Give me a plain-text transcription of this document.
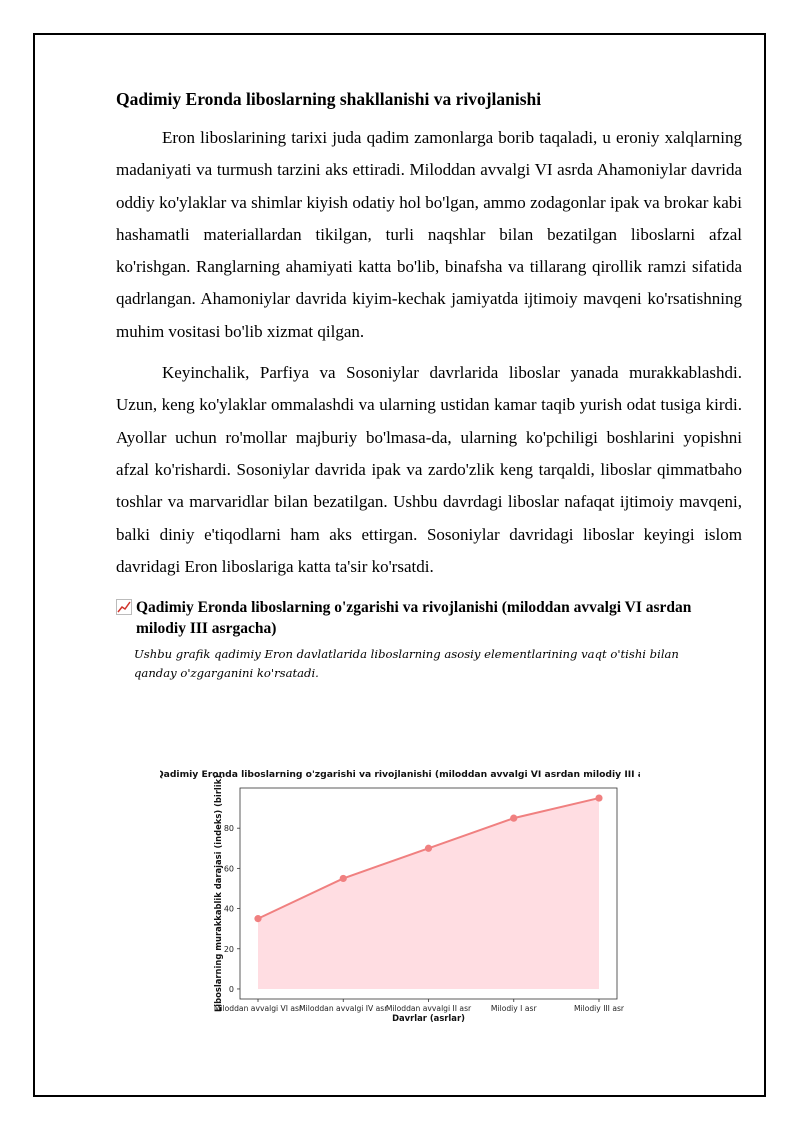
Qadimiy Eronda liboslarning shakllanishi va rivojlanishi

Eron liboslarining tarixi juda qadim zamonlarga borib taqaladi, u eroniy xalqlarning madaniyati va turmush tarzini aks ettiradi. Miloddan avvalgi VI asrda Ahamoniylar davrida oddiy ko'ylaklar va shimlar kiyish odatiy hol bo'lgan, ammo zodagonlar ipak va brokar kabi hashamatli materiallardan tikilgan, turli naqshlar bilan bezatilgan liboslarni afzal ko'rishgan. Ranglarning ahamiyati katta bo'lib, binafsha va tillarang qirollik ramzi sifatida qadrlangan. Ahamoniylar davrida kiyim-kechak jamiyatda ijtimoiy mavqeni ko'rsatishning muhim vositasi bo'lib xizmat qilgan.

Keyinchalik, Parfiya va Sosoniylar davrlarida liboslar yanada murakkablashdi. Uzun, keng ko'ylaklar ommalashdi va ularning ustidan kamar taqib yurish odat tusiga kirdi. Ayollar uchun ro'mollar majburiy bo'lmasa-da, ularning ko'pchiligi boshlarini yopishni afzal ko'rishardi. Sosoniylar davrida ipak va zardo'zlik keng tarqaldi, liboslar qimmatbaho toshlar va marvaridlar bilan bezatilgan. Ushbu davrdagi liboslar nafaqat ijtimoiy mavqeni, balki diniy e'tiqodlarni ham aks ettirgan. Sosoniylar davridagi liboslar keyingi islom davridagi Eron liboslariga katta ta'sir ko'rsatdi.

Qadimiy Eronda liboslarning o'zgarishi va rivojlanishi (miloddan avvalgi VI asrdan milodiy III asrgacha)
Ushbu grafik qadimiy Eron davlatlarida liboslarning asosiy elementlarining vaqt o'tishi bilan qanday o'zgarganini ko'rsatadi.
Qadimiy Eronda liboslarning o'zgarishi va rivojlanishi (miloddan avvalgi VI asrdan milodiy III asrgacha)
0
20
40
60
80
Miloddan avvalgi VI asr
Miloddan avvalgi IV asr
Miloddan avvalgi II asr	Milodiy I asr	Milodiy III asr
Davrlar (asrlar)
Liboslarning murakkablik darajasi (indeks) (birlik)
